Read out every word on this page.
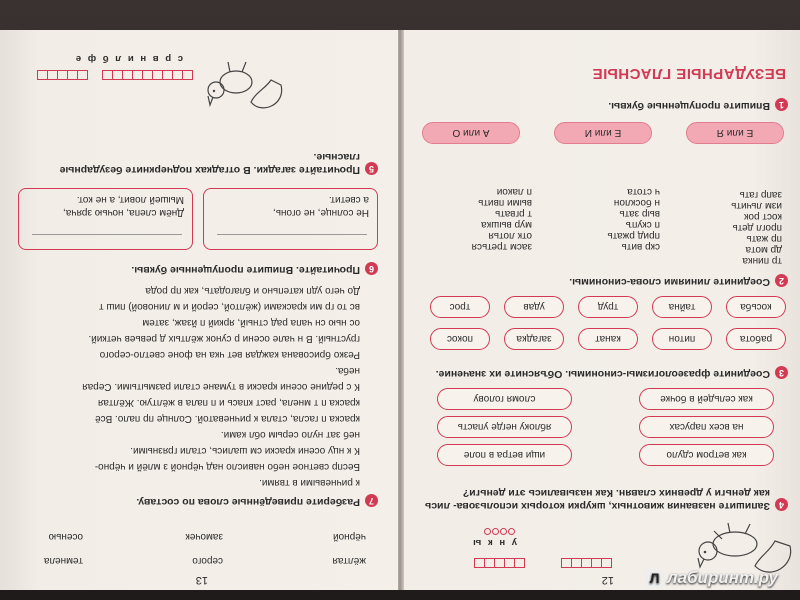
12
у н к ы
4
Запишите названия животных, шкурки которых использова- лись как деньги у древних славян. Как назывались эти деньги?
как ветром сдуло
ищи ветра в поле
на всех парусах
яблоку негде упасть
как сельдей в бочке
сломя голову
3
Соедините фразеологизмы-синонимы. Объясните их значение.
работа
питон
канат
загадка
покос
косьба
тайна
труд
удав
трос
2
Соедините линиями слова-синонимы.
тр пинка
др мота
пр жать
прогл деть
кост рок
изм льчить
запр гать
скр вить
прид ржать
п скупъ
выр зать
н босклон
ч стота
засм треться
отк лотья
мур вышка
т ргвать
выми пвить
п лакои
Е или Я
Е или И
А или О
1
Впишите пропущенные буквы.
БЕЗУДАРНЫЕ ГЛАСНЫЕ
13
жёлтая
серого
темнела
чёрной
замочек
осенью
7
Разберите приведённые слова по составу.
к ричневыми в твями.
Беспр светное небо нависло над чёрной з млёй и чёрно-
К к нцу осени краски см шались, стали грязными.
неб зат нуло серым обл ками.
краска п гасла, стала к ричневатой. Солнце пр пало. Всё
краска п т мнела, раст кпась и п пала в жёлтую. Жёлтая
К с редине осени краски в тумане стали размытыми. Серая
неба.
Резко брисована каждая вет чка на фоне светло-серого
грустный. В н чале осени р сунок жёлтых д ревьев четкий.
ос нью сн чапа рад стный, яркий п йзаж, затем
вс то гр ми красками (жёлтой, серой и м линовой) пиш т
До чего удп катепьно и благодать, как пр рода
6
Прочитайте. Впишите пропущенные буквы.
Не солнце, не огонь,
а светит.
Днём слепа, ночью зряча,
Мышей ловит, а не кот.
5
Прочитайте загадки. В отгадках подчеркните безударные гласные.
с р в н и л б ф е
Л лабиринт.ру
